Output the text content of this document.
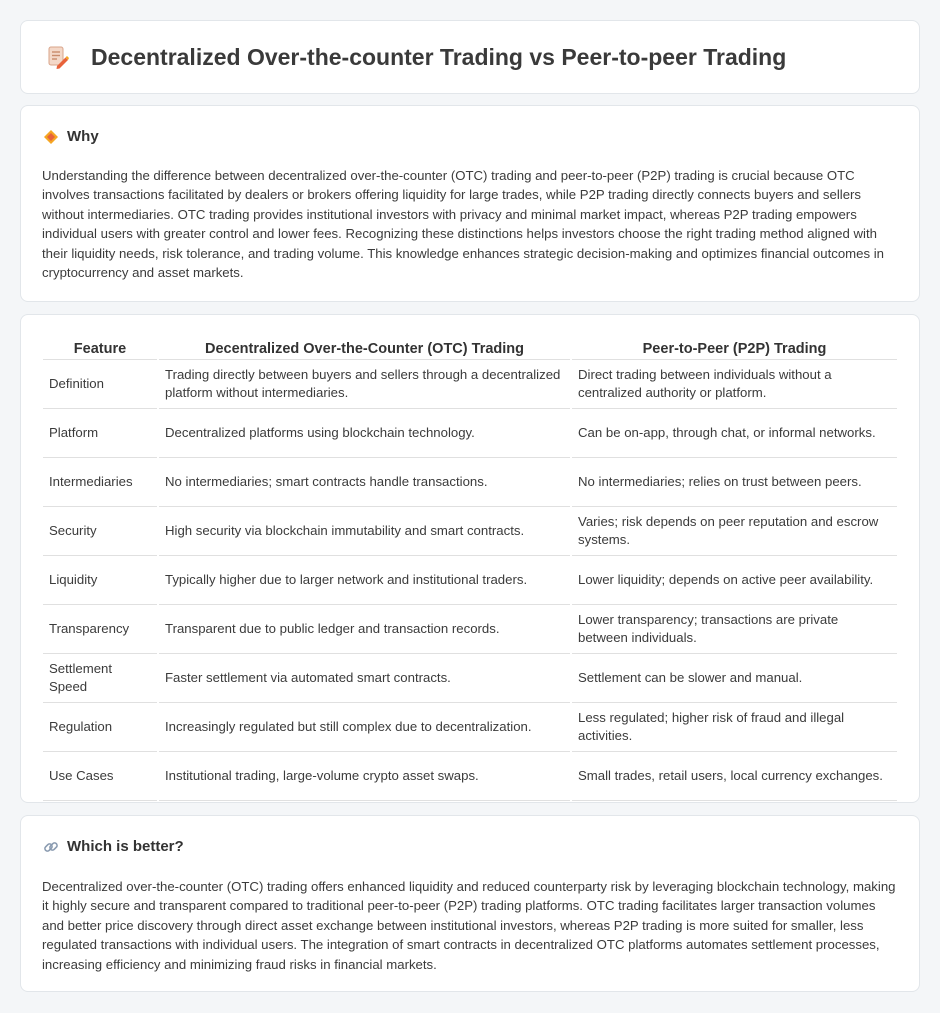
Decentralized Over-the-counter Trading vs Peer-to-peer Trading
Why

Understanding the difference between decentralized over-the-counter (OTC) trading and peer-to-peer (P2P) trading is crucial because OTC involves transactions facilitated by dealers or brokers offering liquidity for large trades, while P2P trading directly connects buyers and sellers without intermediaries. OTC trading provides institutional investors with privacy and minimal market impact, whereas P2P trading empowers individual users with greater control and lower fees. Recognizing these distinctions helps investors choose the right trading method aligned with their liquidity needs, risk tolerance, and trading volume. This knowledge enhances strategic decision-making and optimizes financial outcomes in cryptocurrency and asset markets.

Feature	Decentralized Over-the-Counter (OTC) Trading	Peer-to-Peer (P2P) Trading
Definition	Trading directly between buyers and sellers through a decentralized platform without intermediaries.	Direct trading between individuals without a centralized authority or platform.
Platform	Decentralized platforms using blockchain technology.	Can be on-app, through chat, or informal networks.
Intermediaries	No intermediaries; smart contracts handle transactions.	No intermediaries; relies on trust between peers.
Security	High security via blockchain immutability and smart contracts.	Varies; risk depends on peer reputation and escrow systems.
Liquidity	Typically higher due to larger network and institutional traders.	Lower liquidity; depends on active peer availability.
Transparency	Transparent due to public ledger and transaction records.	Lower transparency; transactions are private between individuals.
Settlement Speed	Faster settlement via automated smart contracts.	Settlement can be slower and manual.
Regulation	Increasingly regulated but still complex due to decentralization.	Less regulated; higher risk of fraud and illegal activities.
Use Cases	Institutional trading, large-volume crypto asset swaps.	Small trades, retail users, local currency exchanges.
Which is better?

Decentralized over-the-counter (OTC) trading offers enhanced liquidity and reduced counterparty risk by leveraging blockchain technology, making it highly secure and transparent compared to traditional peer-to-peer (P2P) trading platforms. OTC trading facilitates larger transaction volumes and better price discovery through direct asset exchange between institutional investors, whereas P2P trading is more suited for smaller, less regulated transactions with individual users. The integration of smart contracts in decentralized OTC platforms automates settlement processes, increasing efficiency and minimizing fraud risks in financial markets.
